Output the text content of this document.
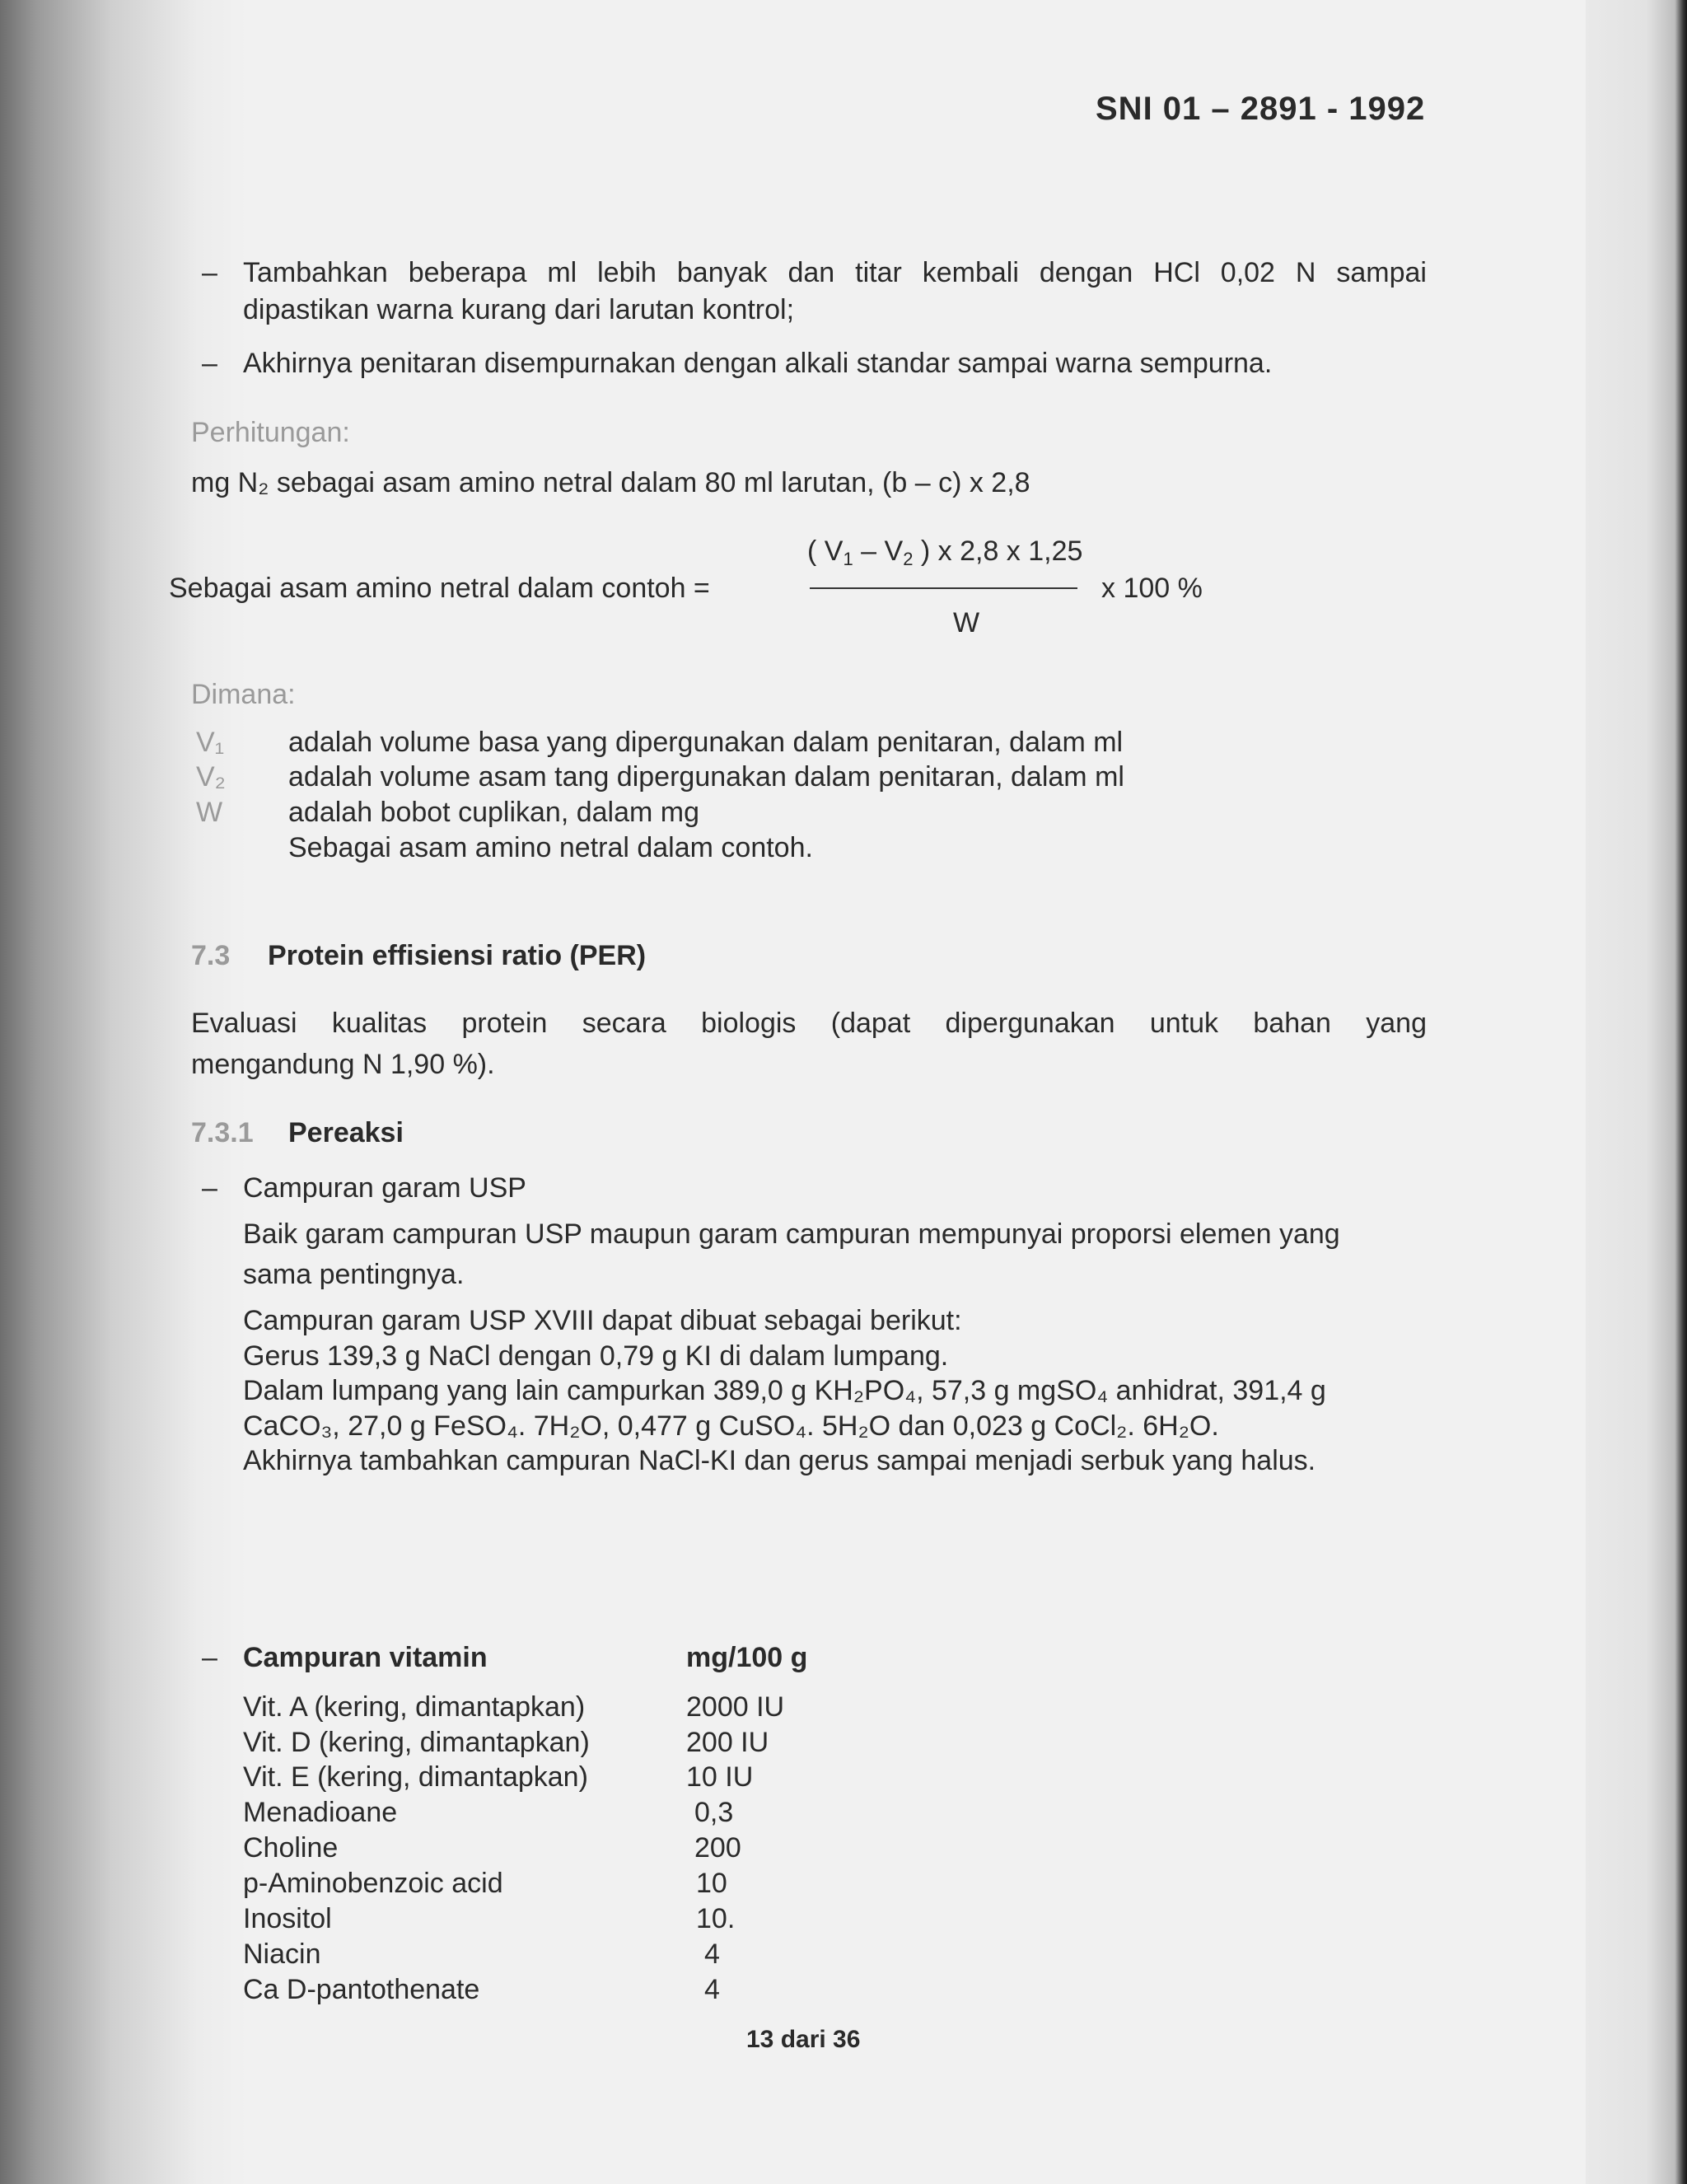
SNI 01 – 2891 - 1992
– Tambahkan beberapa ml lebih banyak dan titar kembali dengan HCl 0,02 N sampai
dipastikan warna kurang dari larutan kontrol;
– Akhirnya penitaran disempurnakan dengan alkali standar sampai warna sempurna.
Perhitungan:
mg N₂ sebagai asam amino netral dalam 80 ml larutan, (b – c) x 2,8
( $V_1 - V_2$ ) x 2,8 x 1,25
Sebagai asam amino netral dalam contoh =	x 100 %
W
Dimana:
V₁ adalah volume basa yang dipergunakan dalam penitaran, dalam ml
V₂ adalah volume asam tang dipergunakan dalam penitaran, dalam ml
W adalah bobot cuplikan, dalam mg
Sebagai asam amino netral dalam contoh.
7.3 Protein effisiensi ratio (PER)
Evaluasi kualitas protein secara biologis (dapat dipergunakan untuk bahan yang
mengandung N 1,90 %).
7.3.1 Pereaksi
– Campuran garam USP
Baik garam campuran USP maupun garam campuran mempunyai proporsi elemen yang
sama pentingnya.
Campuran garam USP XVIII dapat dibuat sebagai berikut:
Gerus 139,3 g NaCl dengan 0,79 g KI di dalam lumpang.
Dalam lumpang yang lain campurkan 389,0 g KH₂PO₄, 57,3 g mgSO₄ anhidrat, 391,4 g
CaCO₃, 27,0 g FeSO₄. 7H₂O, 0,477 g CuSO₄. 5H₂O dan 0,023 g CoCl₂. 6H₂O.
Akhirnya tambahkan campuran NaCl-KI dan gerus sampai menjadi serbuk yang halus.
– Campuran vitamin	mg/100 g
Vit. A (kering, dimantapkan)	2000 IU
Vit. D (kering, dimantapkan)	200 IU
Vit. E (kering, dimantapkan)	10 IU
Menadioane	0,3
Choline	200
p-Aminobenzoic acid	10
Inositol	10.
Niacin	4
Ca D-pantothenate	4
13 dari 36
